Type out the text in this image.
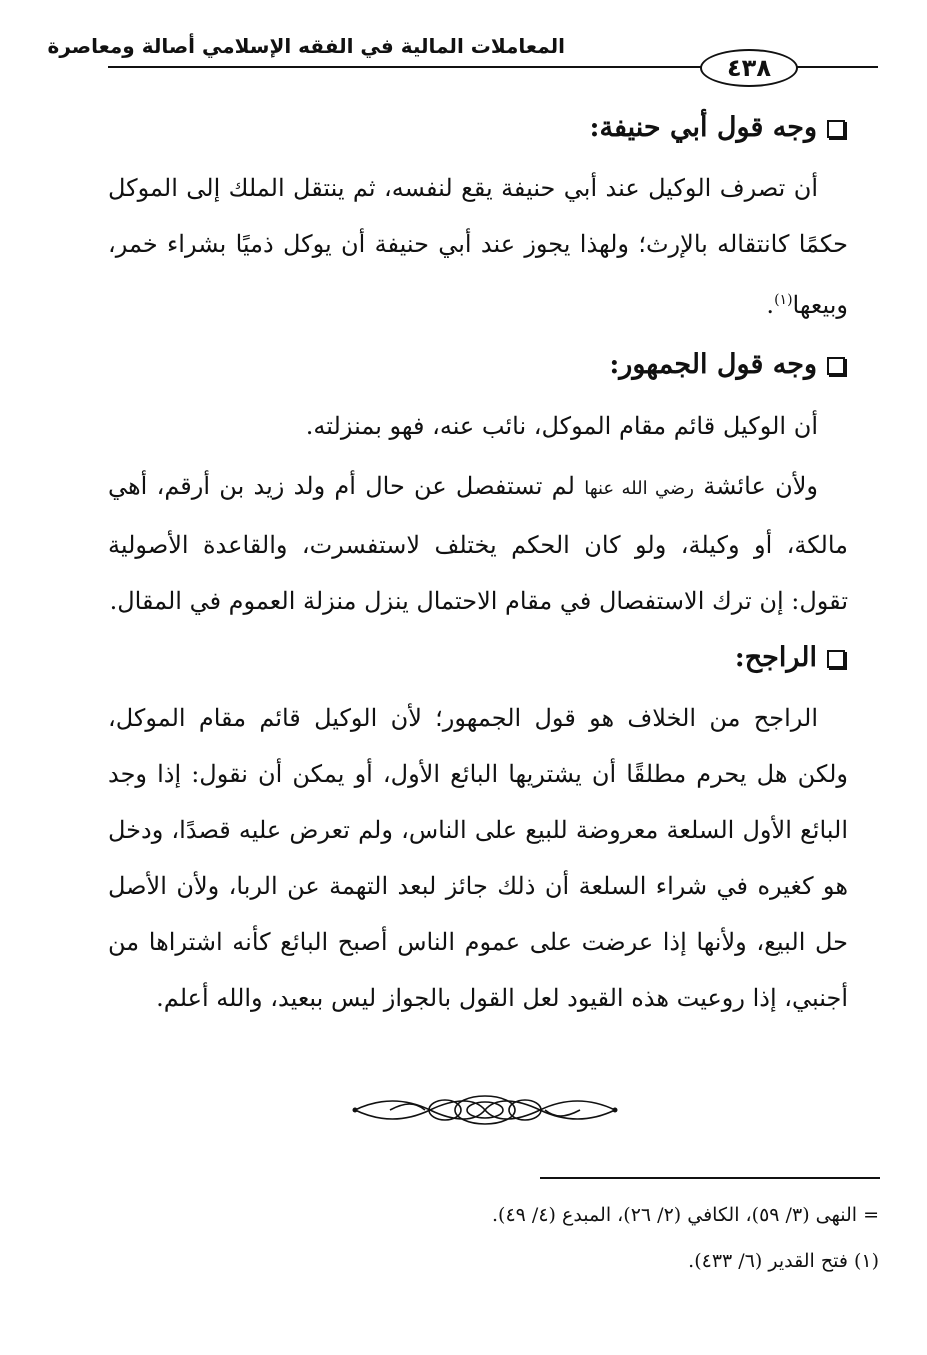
المعاملات المالية في الفقه الإسلامي أصالة ومعاصرة
٤٣٨
وجه قول أبي حنيفة:
أن تصرف الوكيل عند أبي حنيفة يقع لنفسه، ثم ينتقل الملك إلى الموكل حكمًا كانتقاله بالإرث؛ ولهذا يجوز عند أبي حنيفة أن يوكل ذميًا بشراء خمر، وبيعها$^{(١)}$.
وجه قول الجمهور:
أن الوكيل قائم مقام الموكل، نائب عنه، فهو بمنزلته.
ولأن عائشة رضي الله عنها لم تستفصل عن حال أم ولد زيد بن أرقم، أهي مالكة، أو وكيلة، ولو كان الحكم يختلف لاستفسرت، والقاعدة الأصولية تقول: إن ترك الاستفصال في مقام الاحتمال ينزل منزلة العموم في المقال.
الراجح:
الراجح من الخلاف هو قول الجمهور؛ لأن الوكيل قائم مقام الموكل، ولكن هل يحرم مطلقًا أن يشتريها البائع الأول، أو يمكن أن نقول: إذا وجد البائع الأول السلعة معروضة للبيع على الناس، ولم تعرض عليه قصدًا، ودخل هو كغيره في شراء السلعة أن ذلك جائز لبعد التهمة عن الربا، ولأن الأصل حل البيع، ولأنها إذا عرضت على عموم الناس أصبح البائع كأنه اشتراها من أجنبي، إذا روعيت هذه القيود لعل القول بالجواز ليس ببعيد، والله أعلم.
= النهى (٣/ ٥٩)، الكافي (٢/ ٢٦)، المبدع (٤/ ٤٩).
(١) فتح القدير (٦/ ٤٣٣).
